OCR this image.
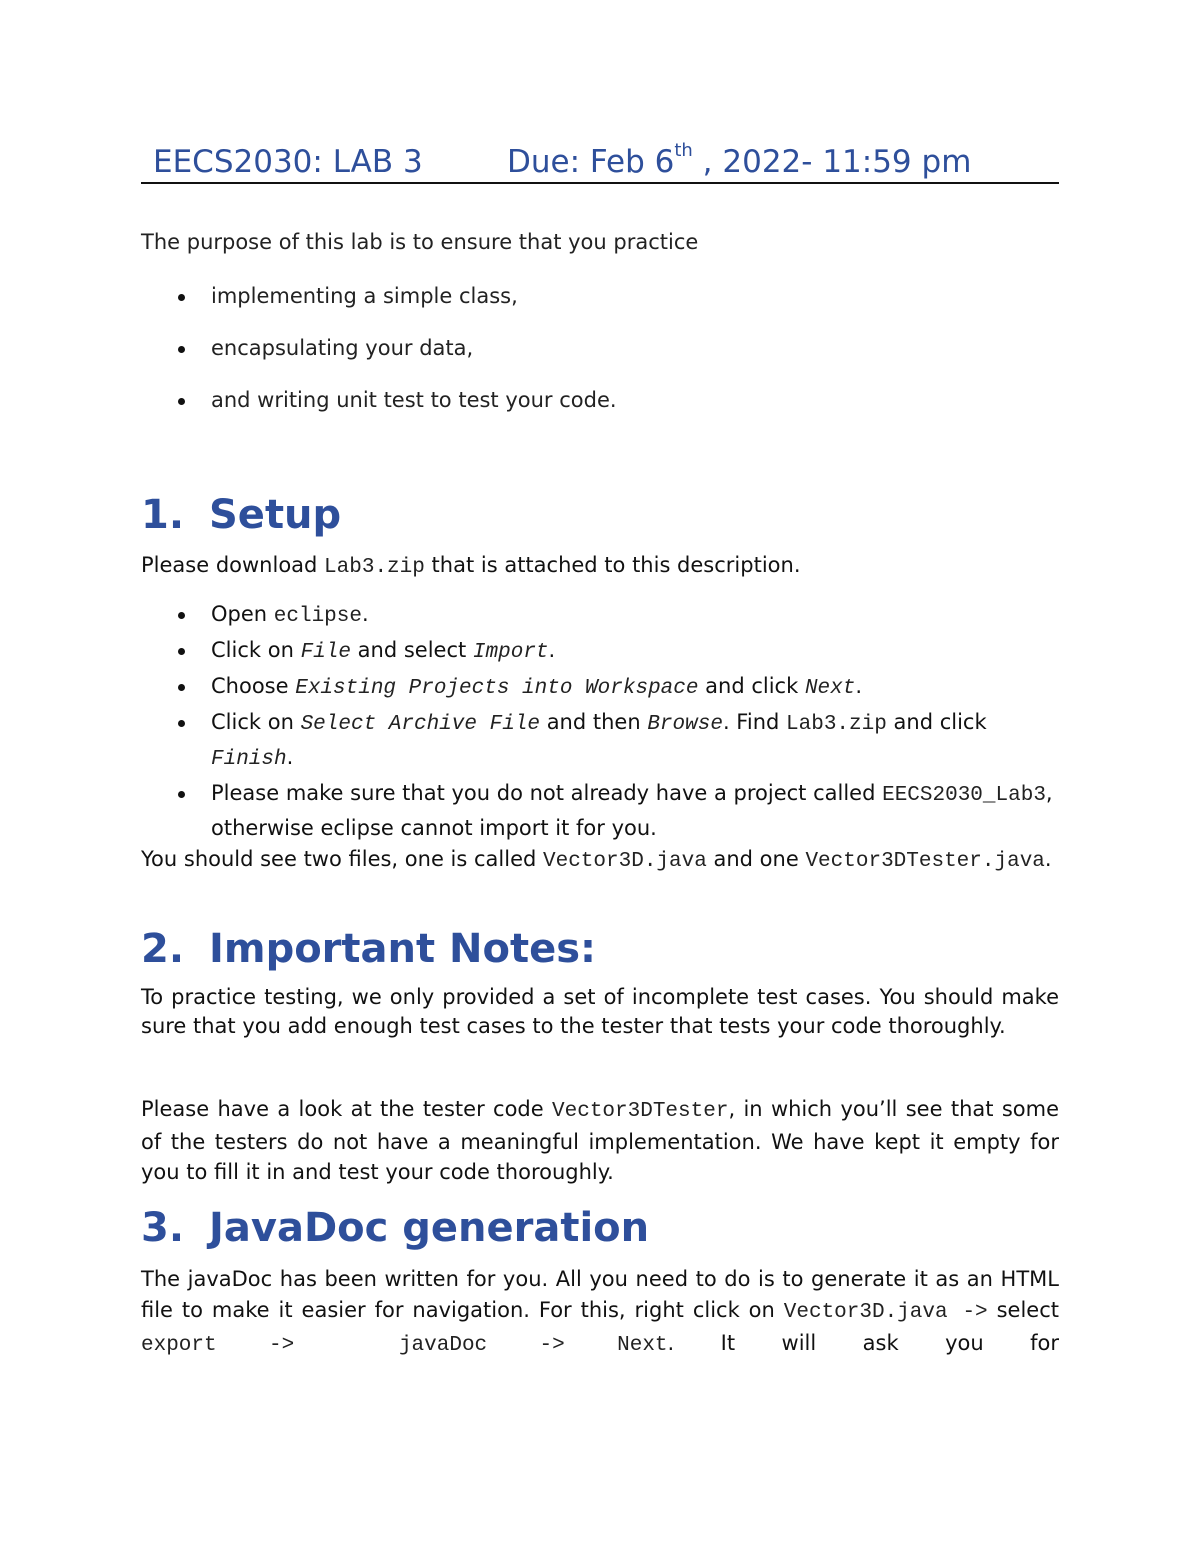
EECS2030: LAB 3	Due: Feb 6th , 2022- 11:59 pm
The purpose of this lab is to ensure that you practice
implementing a simple class,
encapsulating your data,
and writing unit test to test your code.
1. Setup
Please download Lab3.zip that is attached to this description.
Open eclipse.
Click on File and select Import.
Choose Existing Projects into Workspace and click Next.
Click on Select Archive File and then Browse. Find Lab3.zip and click Finish.
Please make sure that you do not already have a project called EECS2030_Lab3, otherwise eclipse cannot import it for you.
You should see two files, one is called Vector3D.java and one Vector3DTester.java.
2. Important Notes:
To practice testing, we only provided a set of incomplete test cases. You should make sure that you add enough test cases to the tester that tests your code thoroughly.
Please have a look at the tester code Vector3DTester, in which you’ll see that some of the testers do not have a meaningful implementation. We have kept it empty for you to fill it in and test your code thoroughly.
3. JavaDoc generation
The javaDoc has been written for you. All you need to do is to generate it as an HTML file to make it easier for navigation. For this, right click on Vector3D.java -> select export ->  javaDoc -> Next. It will ask you for
